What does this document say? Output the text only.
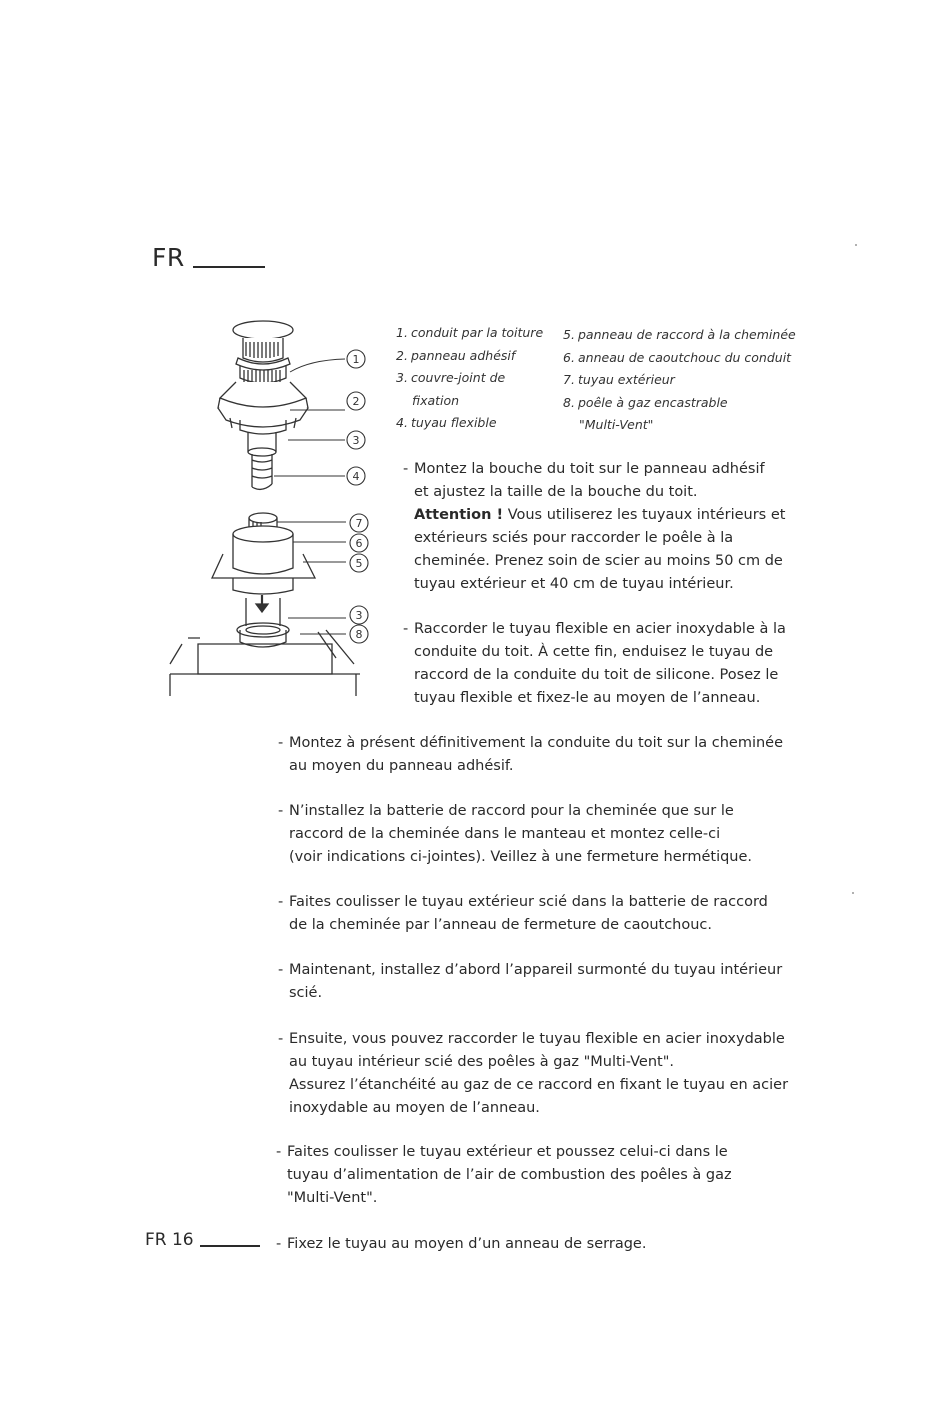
FR
1
2
3
4
7
6
5
3
8
1. conduit par la toiture
2. panneau adhésif
3. couvre-joint de
fixation
4. tuyau flexible
5. panneau de raccord à la cheminée
6. anneau de caoutchouc du conduit
7. tuyau extérieur
8. poêle à gaz encastrable
"Multi-Vent"
- Montez la bouche du toit sur le panneau adhésif
et ajustez la taille de la bouche du toit.
Attention ! Vous utiliserez les tuyaux intérieurs et
extérieurs sciés pour raccorder le poêle à la
cheminée. Prenez soin de scier au moins 50 cm de
tuyau extérieur et 40 cm de tuyau intérieur.
- Raccorder le tuyau flexible en acier inoxydable à la
conduite du toit. À cette fin, enduisez le tuyau de
raccord de la conduite du toit de silicone. Posez le
tuyau flexible et fixez-le au moyen de l’anneau.
- Montez à présent définitivement la conduite du toit sur la cheminée
au moyen du panneau adhésif.
- N’installez la batterie de raccord pour la cheminée que sur le
raccord de la cheminée dans le manteau et montez celle-ci
(voir indications ci-jointes). Veillez à une fermeture hermétique.
- Faites coulisser le tuyau extérieur scié dans la batterie de raccord
de la cheminée par l’anneau de fermeture de caoutchouc.
- Maintenant, installez d’abord l’appareil surmonté du tuyau intérieur
scié.
- Ensuite, vous pouvez raccorder le tuyau flexible en acier inoxydable
au tuyau intérieur scié des poêles à gaz "Multi-Vent".
Assurez l’étanchéité au gaz de ce raccord en fixant le tuyau en acier
inoxydable au moyen de l’anneau.
- Faites coulisser le tuyau extérieur et poussez celui-ci dans le
tuyau d’alimentation de l’air de combustion des poêles à gaz
"Multi-Vent".
- Fixez le tuyau au moyen d’un anneau de serrage.
FR 16
